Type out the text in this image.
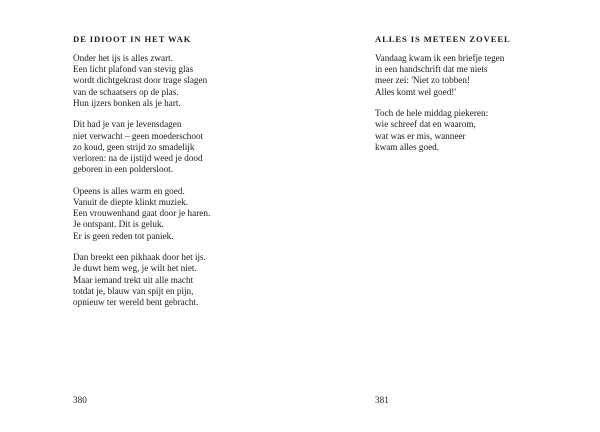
DE IDIOOT IN HET WAK
Onder het ijs is alles zwart.
Een licht plafond van stevig glas
wordt dichtgekrast door trage slagen
van de schaatsers op de plas.
Hun ijzers bonken als je hart.
Dit had je van je levensdagen
niet verwacht – geen moederschoot
zo koud, geen strijd zo smadelijk
verloren: na de ijstijd weed je dood
geboren in een poldersloot.
Opeens is alles warm en goed.
Vanuit de diepte klinkt muziek.
Een vrouwenhand gaat door je haren.
Je ontspant. Dit is geluk.
Er is geen reden tot paniek.
Dan breekt een pikhaak door het ijs.
Je duwt hem weg, je wilt het niet.
Maar iemand trekt uit alle macht
totdat je, blauw van spijt en pijn,
opnieuw ter wereld bent gebracht.
380
ALLES IS METEEN ZOVEEL
Vandaag kwam ik een briefje tegen
in een handschrift dat me niets
meer zei: 'Niet zo tobben!
Alles komt wel goed!'
Toch de hele middag piekeren:
wie schreef dat en waarom,
wat was er mis, wanneer
kwam alles goed.
381
